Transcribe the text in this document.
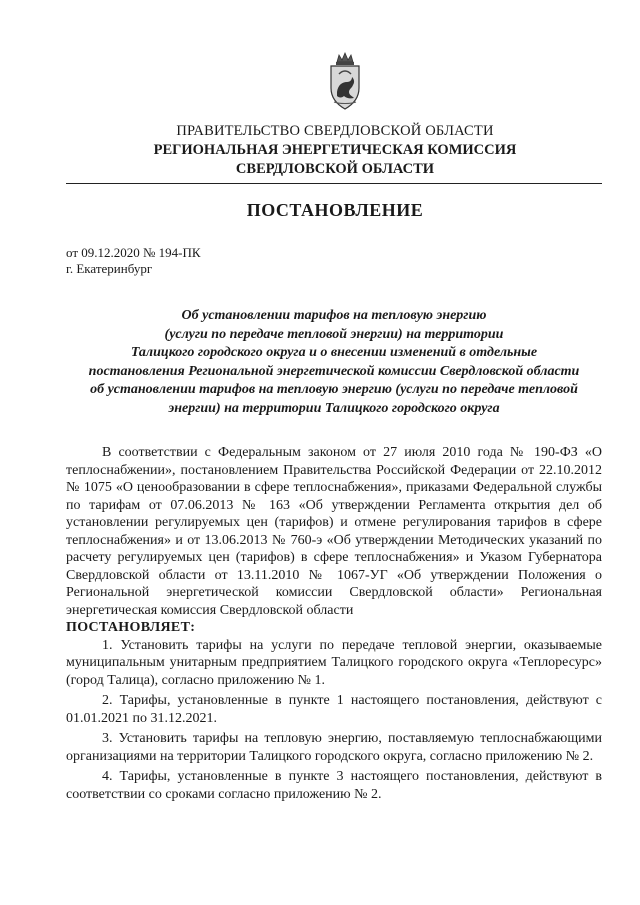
ПРАВИТЕЛЬСТВО СВЕРДЛОВСКОЙ ОБЛАСТИ
РЕГИОНАЛЬНАЯ ЭНЕРГЕТИЧЕСКАЯ КОМИССИЯ
СВЕРДЛОВСКОЙ ОБЛАСТИ
ПОСТАНОВЛЕНИЕ
от 09.12.2020 № 194-ПК
г. Екатеринбург
Об установлении тарифов на тепловую энергию
(услуги по передаче тепловой энергии) на территории
Талицкого городского округа и о внесении изменений в отдельные
постановления Региональной энергетической комиссии Свердловской области
об установлении тарифов на тепловую энергию (услуги по передаче тепловой
энергии) на территории Талицкого городского округа

В соответствии с Федеральным законом от 27 июля 2010 года № 190-ФЗ «О теплоснабжении», постановлением Правительства Российской Федерации от 22.10.2012 № 1075 «О ценообразовании в сфере теплоснабжения», приказами Федеральной службы по тарифам от 07.06.2013 № 163 «Об утверждении Регламента открытия дел об установлении регулируемых цен (тарифов) и отмене регулирования тарифов в сфере теплоснабжения» и от 13.06.2013 № 760-э «Об утверждении Методических указаний по расчету регулируемых цен (тарифов) в сфере теплоснабжения» и Указом Губернатора Свердловской области от 13.11.2010 № 1067-УГ «Об утверждении Положения о Региональной энергетической комиссии Свердловской области» Региональная энергетическая комиссия Свердловской области

ПОСТАНОВЛЯЕТ:

1. Установить тарифы на услуги по передаче тепловой энергии, оказываемые муниципальным унитарным предприятием Талицкого городского округа «Теплоресурс» (город Талица), согласно приложению № 1.

2. Тарифы, установленные в пункте 1 настоящего постановления, действуют с 01.01.2021 по 31.12.2021.

3. Установить тарифы на тепловую энергию, поставляемую теплоснабжающими организациями на территории Талицкого городского округа, согласно приложению № 2.

4. Тарифы, установленные в пункте 3 настоящего постановления, действуют в соответствии со сроками согласно приложению № 2.
